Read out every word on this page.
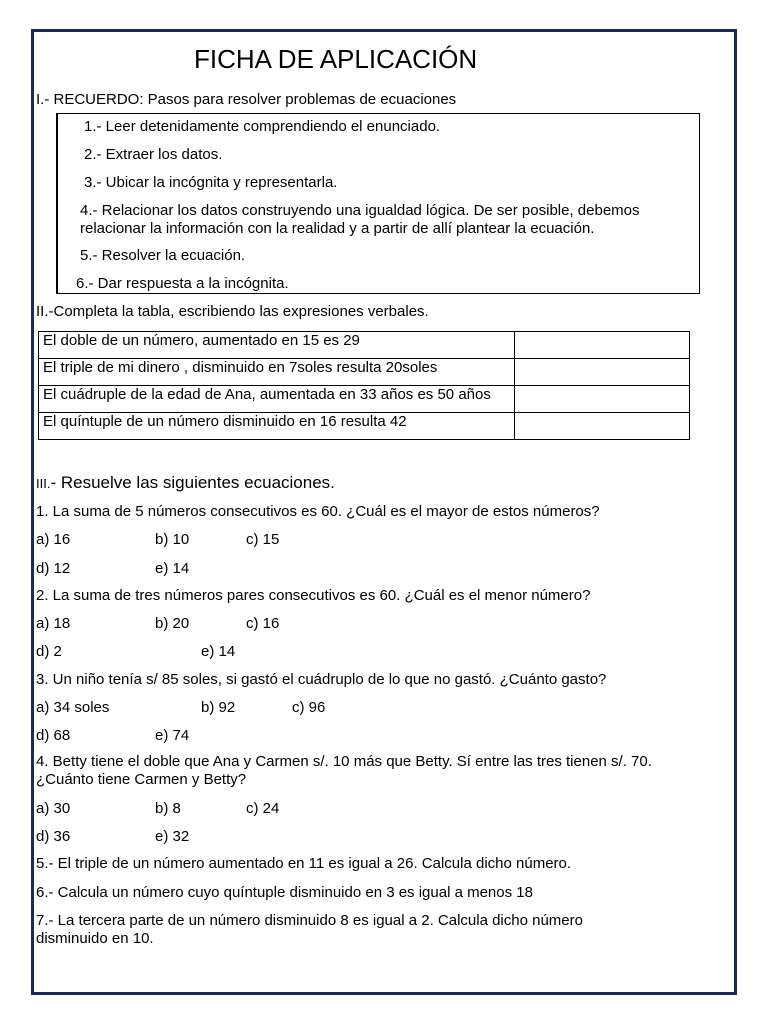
FICHA DE APLICACIÓN
I.- RECUERDO: Pasos para resolver problemas de ecuaciones
1.- Leer detenidamente comprendiendo el enunciado.
2.- Extraer los datos.
3.- Ubicar la incógnita y representarla.
4.- Relacionar los datos construyendo una igualdad lógica. De ser posible, debemos relacionar la información con la realidad y a partir de allí plantear la ecuación.
5.- Resolver la ecuación.
6.- Dar respuesta a la incógnita.
II.-Completa la tabla, escribiendo las expresiones verbales.
El doble de un número, aumentado en 15 es 29	
El triple de mi dinero , disminuido en 7soles resulta 20soles	
El cuádruple de la edad de Ana, aumentada en 33 años es 50 años	
El quíntuple de un número disminuido en 16 resulta 42	
III.- Resuelve las siguientes ecuaciones.
1. La suma de 5 números consecutivos es 60. ¿Cuál es el mayor de estos números?
a) 16	b) 10	c) 15
d) 12	e) 14
2. La suma de tres números pares consecutivos es 60. ¿Cuál es el menor número?
a) 18	b) 20	c) 16
d) 2	e) 14
3. Un niño tenía s/ 85 soles, si gastó el cuádruplo de lo que no gastó. ¿Cuánto gasto?
a) 34 soles	b) 92	c) 96
d) 68	e) 74
4. Betty tiene el doble que Ana y Carmen s/. 10 más que Betty. Sí entre las tres tienen s/. 70. ¿Cuánto tiene Carmen y Betty?
a) 30	b) 8	c) 24
d) 36	e) 32
5.- El triple de un número aumentado en 11 es igual a 26. Calcula dicho número.
6.- Calcula un número cuyo quíntuple disminuido en 3 es igual a menos 18
7.- La tercera parte de un número disminuido 8 es igual a 2. Calcula dicho número disminuido en 10.
